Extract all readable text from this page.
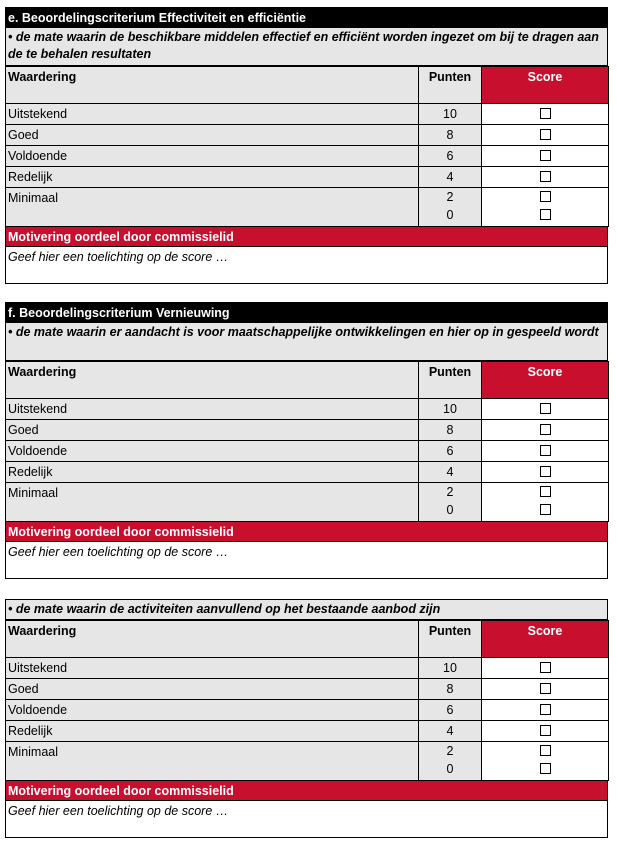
e. Beoordelingscriterium Effectiviteit en efficiëntie
• de mate waarin de beschikbare middelen effectief en efficiënt worden ingezet om bij te dragen aan de te behalen resultaten
Waardering	Punten	Score
Uitstekend	10	
Goed	8	
Voldoende	6	
Redelijk	4	
Minimaal	2
0	

Motivering oordeel door commissielid
Geef hier een toelichting op de score …
f. Beoordelingscriterium Vernieuwing
• de mate waarin er aandacht is voor maatschappelijke ontwikkelingen en hier op in gespeeld wordt
Waardering	Punten	Score
Uitstekend	10	
Goed	8	
Voldoende	6	
Redelijk	4	
Minimaal	2
0	

Motivering oordeel door commissielid
Geef hier een toelichting op de score …
• de mate waarin de activiteiten aanvullend op het bestaande aanbod zijn
Waardering	Punten	Score
Uitstekend	10	
Goed	8	
Voldoende	6	
Redelijk	4	
Minimaal	2
0	

Motivering oordeel door commissielid
Geef hier een toelichting op de score …
